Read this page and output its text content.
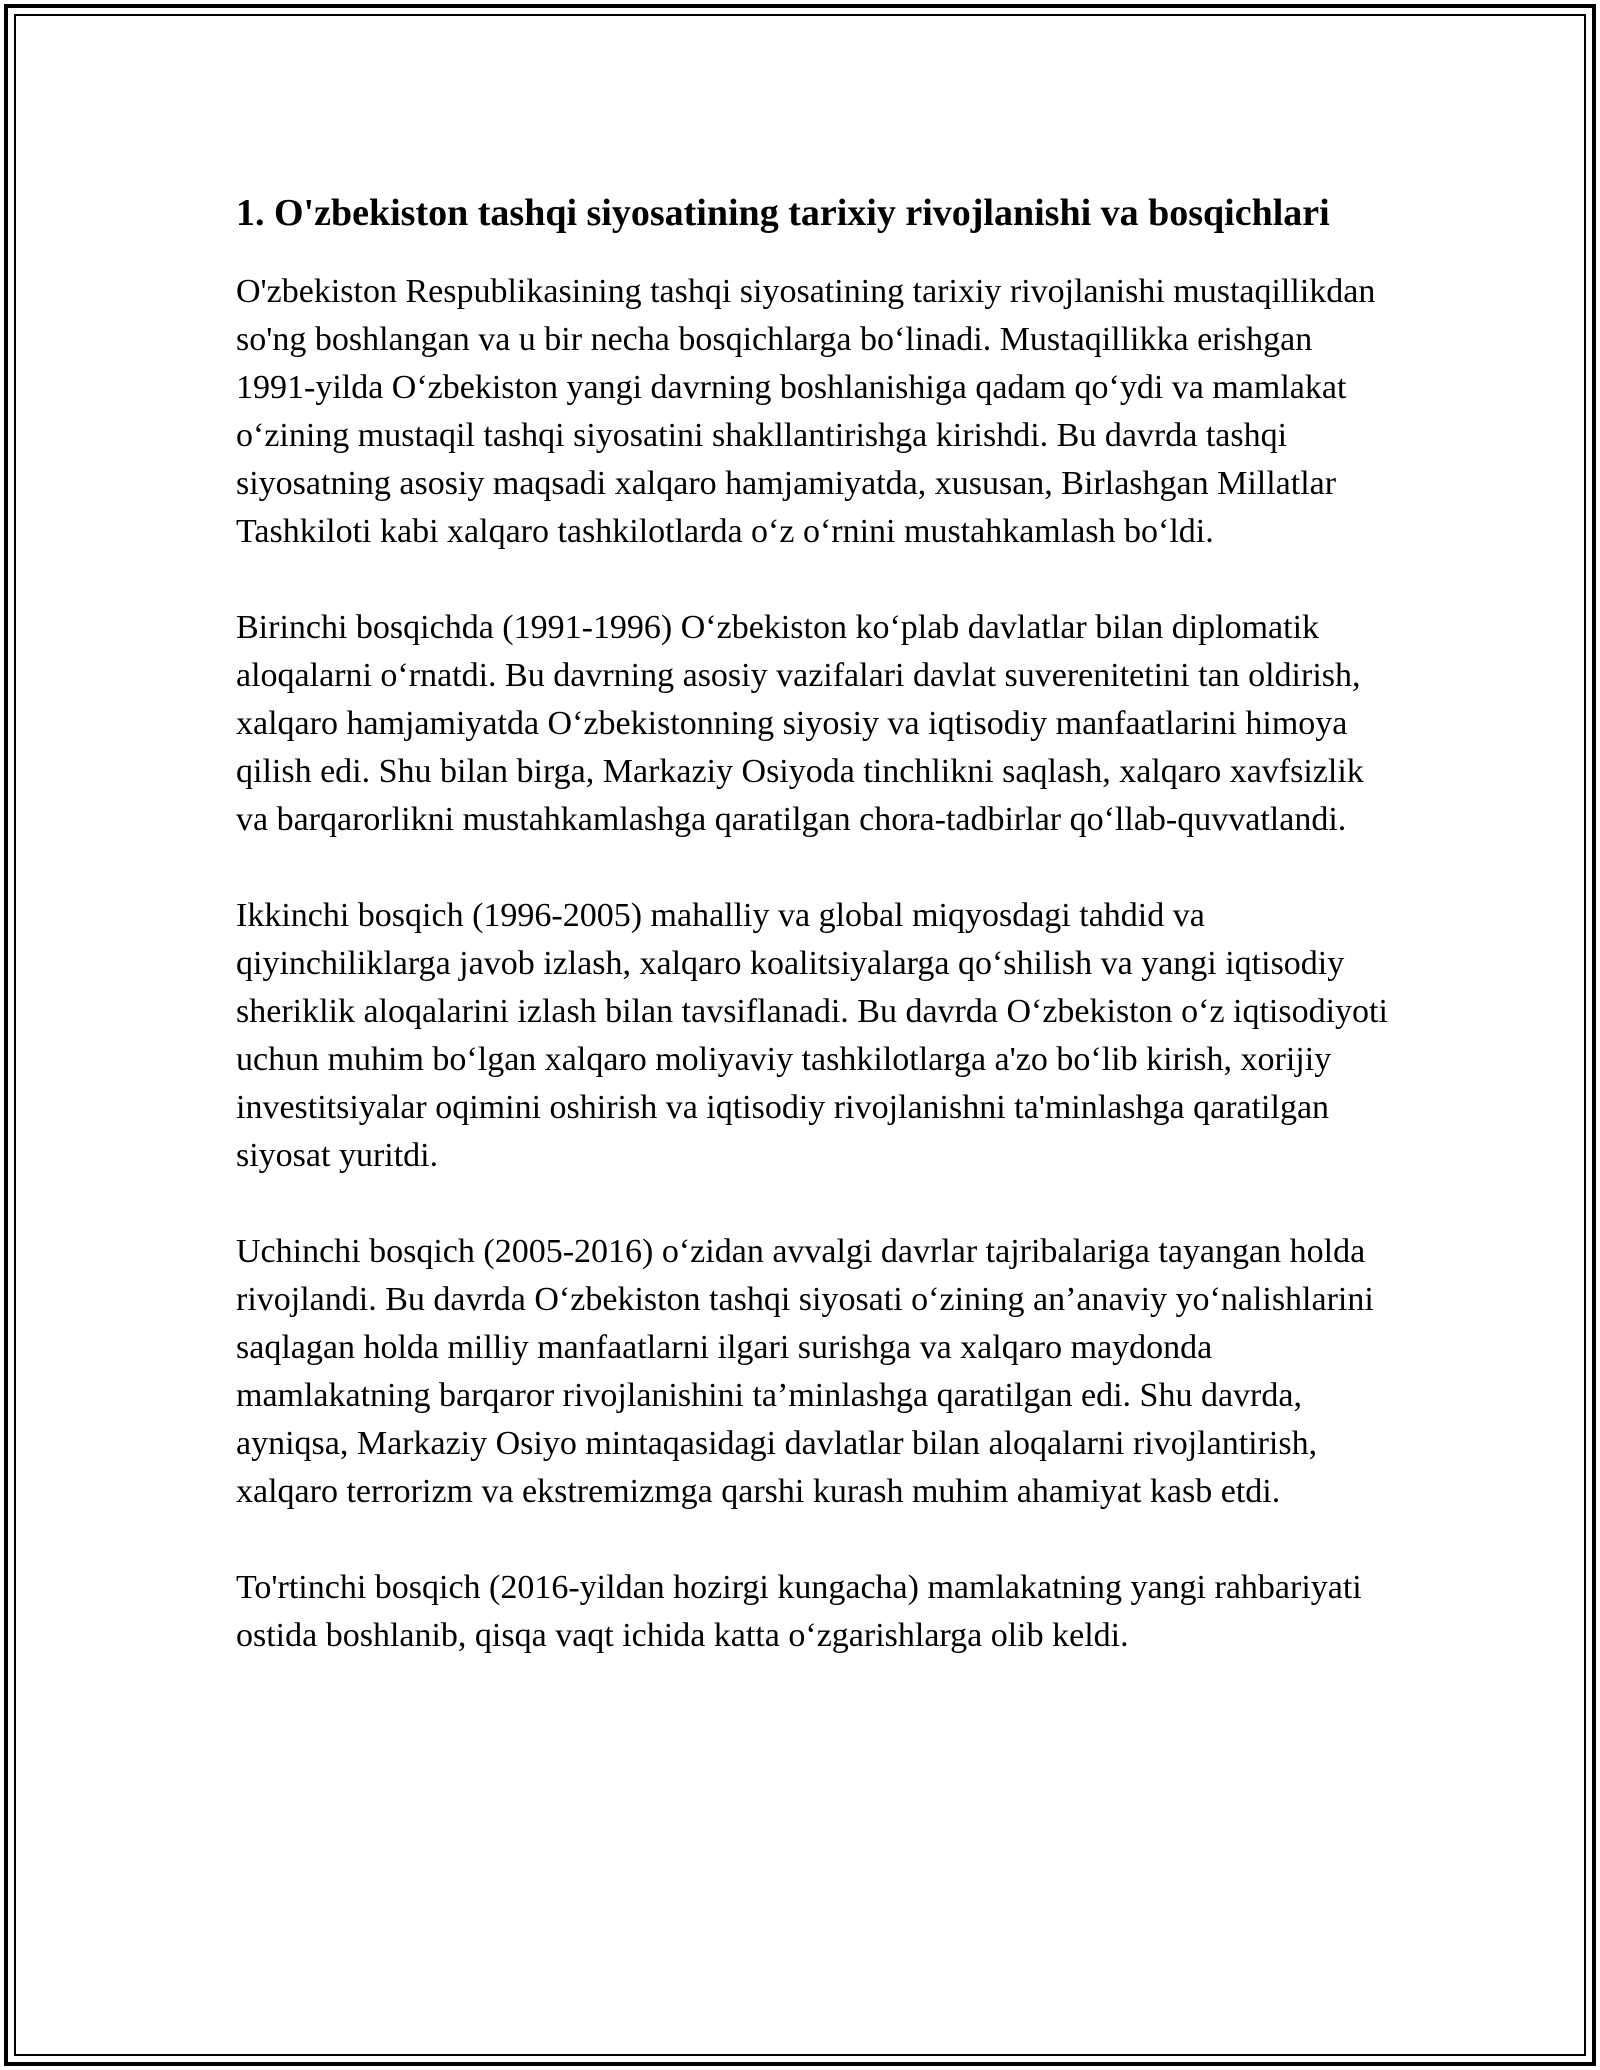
1. O'zbekiston tashqi siyosatining tarixiy rivojlanishi va bosqichlari

O'zbekiston Respublikasining tashqi siyosatining tarixiy rivojlanishi mustaqillikdan so'ng boshlangan va u bir necha bosqichlarga bo‘linadi. Mustaqillikka erishgan 1991-yilda O‘zbekiston yangi davrning boshlanishiga qadam qo‘ydi va mamlakat o‘zining mustaqil tashqi siyosatini shakllantirishga kirishdi. Bu davrda tashqi siyosatning asosiy maqsadi xalqaro hamjamiyatda, xususan, Birlashgan Millatlar Tashkiloti kabi xalqaro tashkilotlarda o‘z o‘rnini mustahkamlash bo‘ldi.

Birinchi bosqichda (1991-1996) O‘zbekiston ko‘plab davlatlar bilan diplomatik aloqalarni o‘rnatdi. Bu davrning asosiy vazifalari davlat suverenitetini tan oldirish, xalqaro hamjamiyatda O‘zbekistonning siyosiy va iqtisodiy manfaatlarini himoya qilish edi. Shu bilan birga, Markaziy Osiyoda tinchlikni saqlash, xalqaro xavfsizlik va barqarorlikni mustahkamlashga qaratilgan chora-tadbirlar qo‘llab-quvvatlandi.

Ikkinchi bosqich (1996-2005) mahalliy va global miqyosdagi tahdid va qiyinchiliklarga javob izlash, xalqaro koalitsiyalarga qo‘shilish va yangi iqtisodiy sheriklik aloqalarini izlash bilan tavsiflanadi. Bu davrda O‘zbekiston o‘z iqtisodiyoti uchun muhim bo‘lgan xalqaro moliyaviy tashkilotlarga a'zo bo‘lib kirish, xorijiy investitsiyalar oqimini oshirish va iqtisodiy rivojlanishni ta'minlashga qaratilgan siyosat yuritdi.

Uchinchi bosqich (2005-2016) o‘zidan avvalgi davrlar tajribalariga tayangan holda rivojlandi. Bu davrda O‘zbekiston tashqi siyosati o‘zining an’anaviy yo‘nalishlarini saqlagan holda milliy manfaatlarni ilgari surishga va xalqaro maydonda mamlakatning barqaror rivojlanishini ta’minlashga qaratilgan edi. Shu davrda, ayniqsa, Markaziy Osiyo mintaqasidagi davlatlar bilan aloqalarni rivojlantirish, xalqaro terrorizm va ekstremizmga qarshi kurash muhim ahamiyat kasb etdi.

To'rtinchi bosqich (2016-yildan hozirgi kungacha) mamlakatning yangi rahbariyati ostida boshlanib, qisqa vaqt ichida katta o‘zgarishlarga olib keldi.
